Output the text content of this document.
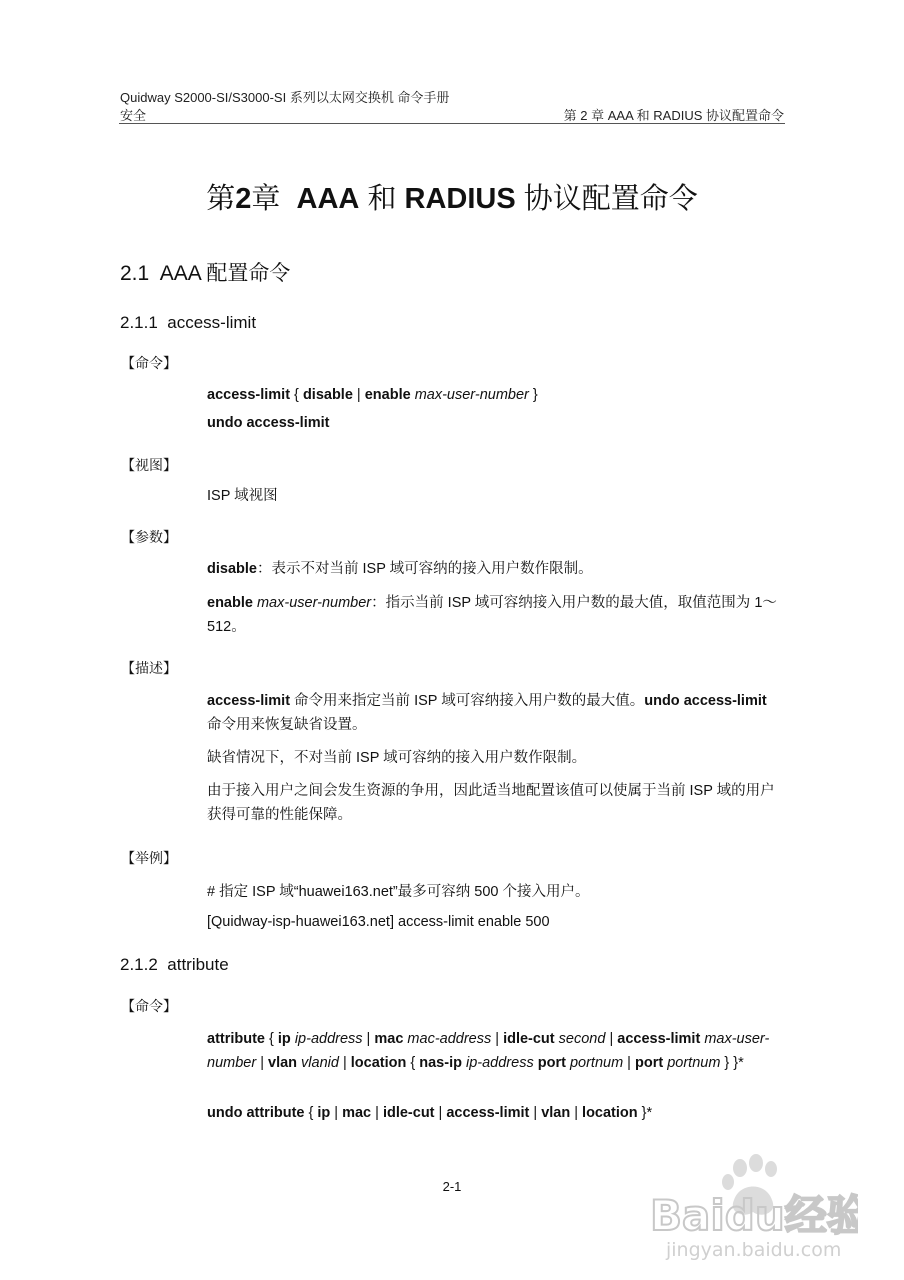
Quidway S2000-SI/S3000-SI 系列以太网交换机 命令手册
安全	第 2 章 AAA 和 RADIUS 协议配置命令
第2章 AAA 和 RADIUS 协议配置命令
2.1 AAA 配置命令
2.1.1 access-limit
【命令】
access-limit { disable | enable max-user-number }
undo access-limit
【视图】
ISP 域视图
【参数】
disable：表示不对当前 ISP 域可容纳的接入用户数作限制。
enable max-user-number：指示当前 ISP 域可容纳接入用户数的最大值，取值范围为 1～512。
【描述】
access-limit 命令用来指定当前 ISP 域可容纳接入用户数的最大值。undo access-limit 命令用来恢复缺省设置。
缺省情况下，不对当前 ISP 域可容纳的接入用户数作限制。
由于接入用户之间会发生资源的争用，因此适当地配置该值可以使属于当前 ISP 域的用户获得可靠的性能保障。
【举例】
# 指定 ISP 域“huawei163.net”最多可容纳 500 个接入用户。
[Quidway-isp-huawei163.net] access-limit enable 500
2.1.2 attribute
【命令】
attribute { ip ip-address | mac mac-address | idle-cut second | access-limit max-user-number | vlan vlanid | location { nas-ip ip-address port portnum | port portnum } }*
undo attribute { ip | mac | idle-cut | access-limit | vlan | location }*
2-1
Baidu经验
jingyan.baidu.com
